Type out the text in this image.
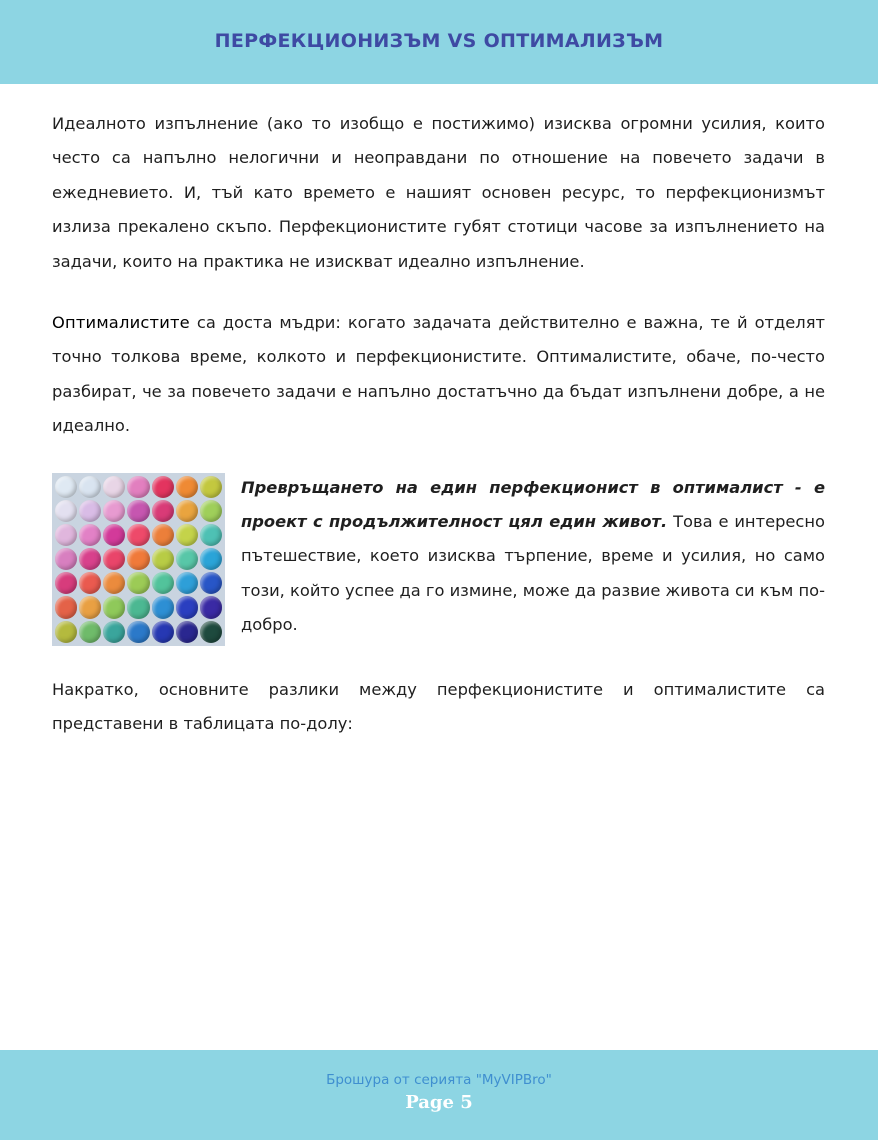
ПЕРФЕКЦИОНИЗЪМ VS ОПТИМАЛИЗЪМ

Идеалното изпълнение (ако то изобщо е постижимо) изисква огромни усилия, които често са напълно нелогични и неоправдани по отношение на повечето задачи в ежедневието. И, тъй като времето е нашият основен ресурс, то перфекционизмът излиза прекалено скъпо. Перфекционистите губят стотици часове за изпълнението на задачи, които на практика не изискват идеално изпълнение.

Оптималистите са доста мъдри: когато задачата действително е важна, те й отделят точно толкова време, колкото и перфекционистите. Оптималистите, обаче, по-често разбират, че за повечето задачи е напълно достатъчно да бъдат изпълнени добре, а не идеално.

Превръщането на един перфекционист в оптималист - е проект с продължителност цял един живот. Това е интересно пътешествие, което изисква търпение, време и усилия, но само този, който успее да го измине, може да развие живота си към по-добро.

Накратко, основните разлики между перфекционистите и оптималистите са представени в таблицата по-долу:

Брошура от серията "MyVIPBro"
Page 5
